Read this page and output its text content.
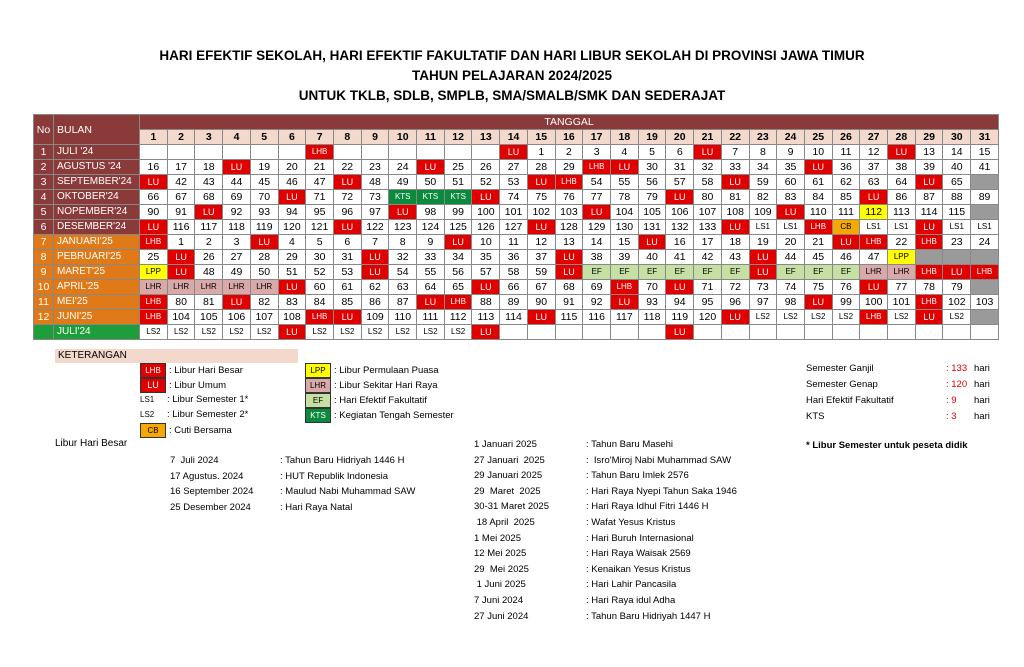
HARI EFEKTIF SEKOLAH, HARI EFEKTIF FAKULTATIF DAN HARI LIBUR SEKOLAH DI PROVINSI JAWA TIMUR
TAHUN PELAJARAN 2024/2025
UNTUK TKLB, SDLB, SMPLB, SMA/SMALB/SMK DAN SEDERAJAT
No	BULAN	TANGGAL																														
		1	2	3	4	5	6	7	8	9	10	11	12	13	14	15	16	17	18	19	20	21	22	23	24	25	26	27	28	29	30	31
1	JULI '24							LHB							LU	1	2	3	4	5	6	LU	7	8	9	10	11	12	LU	13	14	15
2	AGUSTUS '24	16	17	18	LU	19	20	21	22	23	24	LU	25	26	27	28	29	LHB	LU	30	31	32	33	34	35	LU	36	37	38	39	40	41
3	SEPTEMBER'24	LU	42	43	44	45	46	47	LU	48	49	50	51	52	53	LU	LHB	54	55	56	57	58	LU	59	60	61	62	63	64	LU	65	
4	OKTOBER'24	66	67	68	69	70	LU	71	72	73	KTS	KTS	KTS	LU	74	75	76	77	78	79	LU	80	81	82	83	84	85	LU	86	87	88	89
5	NOPEMBER'24	90	91	LU	92	93	94	95	96	97	LU	98	99	100	101	102	103	LU	104	105	106	107	108	109	LU	110	111	112	113	114	115	
6	DESEMBER'24	LU	116	117	118	119	120	121	LU	122	123	124	125	126	127	LU	128	129	130	131	132	133	LU	LS1	LS1	LHB	CB	LS1	LS1	LU	LS1	LS1
7	JANUARI'25	LHB	1	2	3	LU	4	5	6	7	8	9	LU	10	11	12	13	14	15	LU	16	17	18	19	20	21	LU	LHB	22	LHB	23	24
8	PEBRUARI'25	25	LU	26	27	28	29	30	31	LU	32	33	34	35	36	37	LU	38	39	40	41	42	43	LU	44	45	46	47	LPP			
9	MARET'25	LPP	LU	48	49	50	51	52	53	LU	54	55	56	57	58	59	LU	EF	EF	EF	EF	EF	EF	LU	EF	EF	EF	LHR	LHR	LHB	LU	LHB
10	APRIL'25	LHR	LHR	LHR	LHR	LHR	LU	60	61	62	63	64	65	LU	66	67	68	69	LHB	70	LU	71	72	73	74	75	76	LU	77	78	79	
11	MEI'25	LHB	80	81	LU	82	83	84	85	86	87	LU	LHB	88	89	90	91	92	LU	93	94	95	96	97	98	LU	99	100	101	LHB	102	103
12	JUNI'25	LHB	104	105	106	107	108	LHB	LU	109	110	111	112	113	114	LU	115	116	117	118	119	120	LU	LS2	LS2	LS2	LS2	LHB	LS2	LU	LS2	
	JULI'24	LS2	LS2	LS2	LS2	LS2	LU	LS2	LS2	LS2	LS2	LS2	LS2	LU							LU											
KETERANGAN
LHB : Libur Hari Besar
LU : Libur Umum
LS1 : Libur Semester 1*
LS2 : Libur Semester 2*
CB : Cuti Bersama
LPP : Libur Permulaan Puasa
LHR : Libur Sekitar Hari Raya
EF : Hari Efektif Fakultatif
KTS : Kegiatan Tengah Semester
Semester Ganjil	: 133 hari
Semester Genap	: 120 hari
Hari Efektif Fakultatif	: 9 hari
KTS	: 3 hari
* Libur Semester untuk peseta didik
Libur Hari Besar
7  Juli 2024	: Tahun Baru Hidriyah 1446 H
17 Agustus. 2024	: HUT Republik Indonesia
16 September 2024	: Maulud Nabi Muhammad SAW
25 Desember 2024	: Hari Raya Natal
1 Januari 2025	: Tahun Baru Masehi
27 Januari  2025	:  Isro'Miroj Nabi Muhammad SAW
29 Januari 2025	: Tahun Baru Imlek 2576
29  Maret  2025	: Hari Raya Nyepi Tahun Saka 1946
30-31 Maret 2025	: Hari Raya Idhul Fitri 1446 H
18 April  2025	: Wafat Yesus Kristus
1 Mei 2025	: Hari Buruh Internasional
12 Mei 2025	: Hari Raya Waisak 2569
29  Mei 2025	: Kenaikan Yesus Kristus
1 Juni 2025	: Hari Lahir Pancasila
7 Juni 2024	: Hari Raya idul Adha
27 Juni 2024	: Tahun Baru Hidriyah 1447 H
